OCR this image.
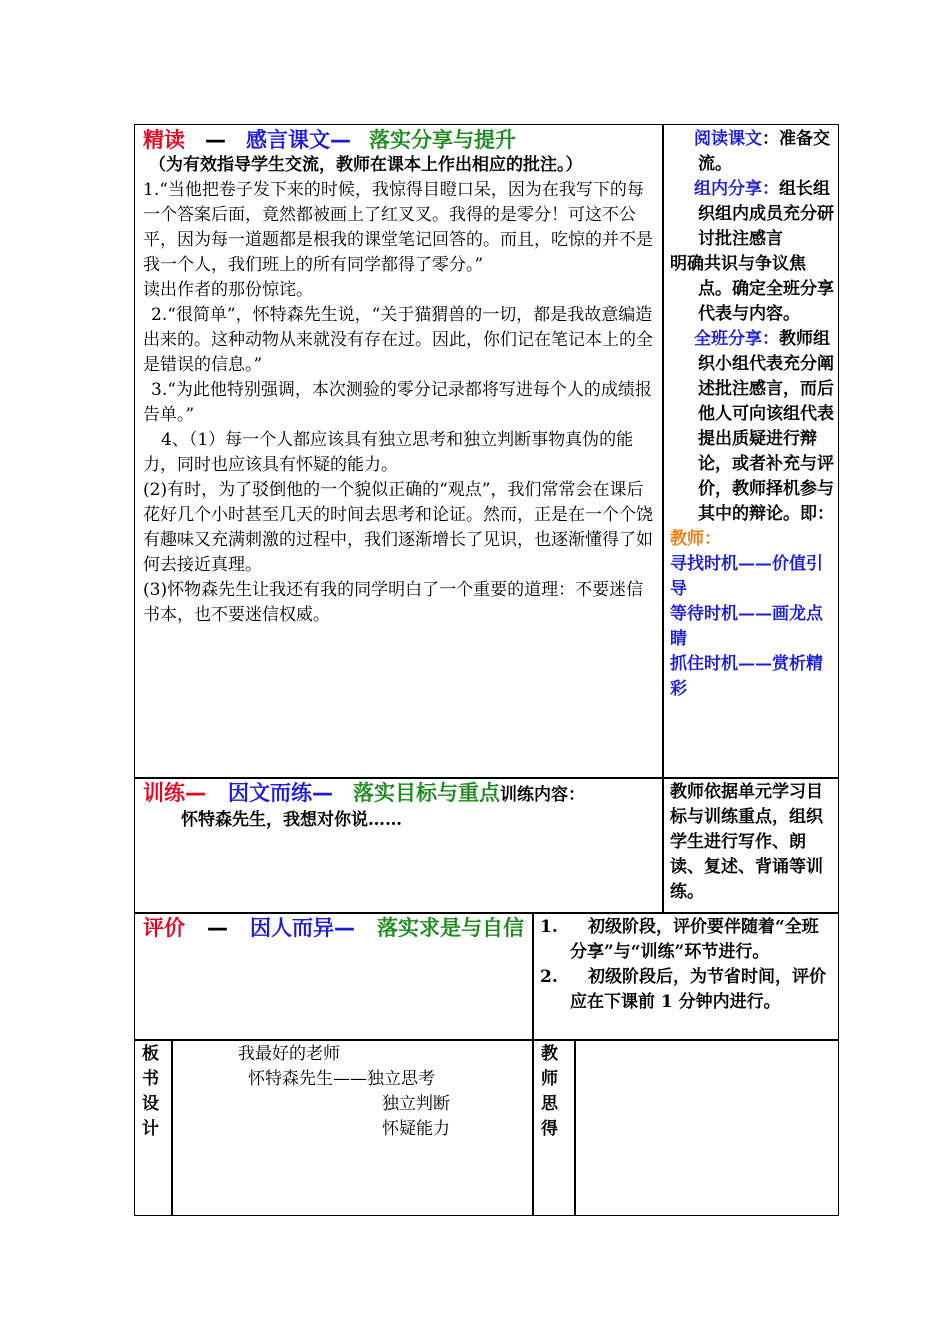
精读 — 感言课文— 落实分享与提升

（为有效指导学生交流，教师在课本上作出相应的批注。）

1.“当他把卷子发下来的时候，我惊得目瞪口呆，因为在我写下的每一个答案后面，竟然都被画上了红叉叉。我得的是零分！可这不公平，因为每一道题都是根我的课堂笔记回答的。而且，吃惊的并不是我一个人，我们班上的所有同学都得了零分。”

读出作者的那份惊诧。

2.“很简单”，怀特森先生说，“关于猫猬兽的一切，都是我故意编造出来的。这种动物从来就没有存在过。因此，你们记在笔记本上的全是错误的信息。”

3.“为此他特别强调，本次测验的零分记录都将写进每个人的成绩报告单。”

4、（1）每一个人都应该具有独立思考和独立判断事物真伪的能力，同时也应该具有怀疑的能力。

(2)有时，为了驳倒他的一个貌似正确的“观点”，我们常常会在课后花好几个小时甚至几天的时间去思考和论证。然而，正是在一个个饶有趣味又充满刺激的过程中，我们逐渐增长了见识，也逐渐懂得了如何去接近真理。

(3)怀物森先生让我还有我的同学明白了一个重要的道理：不要迷信书本，也不要迷信权威。

阅读课文：准备交流。

组内分享：组长组织组内成员充分研讨批注感言

明确共识与争议焦点。确定全班分享代表与内容。

全班分享：教师组织小组代表充分阐述批注感言，而后他人可向该组代表提出质疑进行辩论，或者补充与评价，教师择机参与其中的辩论。即：

教师：

寻找时机——价值引导

等待时机——画龙点睛

抓住时机——赏析精彩

训练— 因文而练— 落实目标与重点训练内容：

怀特森先生，我想对你说……

教师依据单元学习目标与训练重点，组织学生进行写作、朗读、复述、背诵等训练。

评价 — 因人而异— 落实求是与自信 1. 初级阶段，评价要伴随着“全班分享”与“训练”环节进行。

2. 初级阶段后，为节省时间，评价应在下课前 1 分钟内进行。

板书设计

我最好的老师

怀特森先生——独立思考

独立判断

怀疑能力

教师思得
